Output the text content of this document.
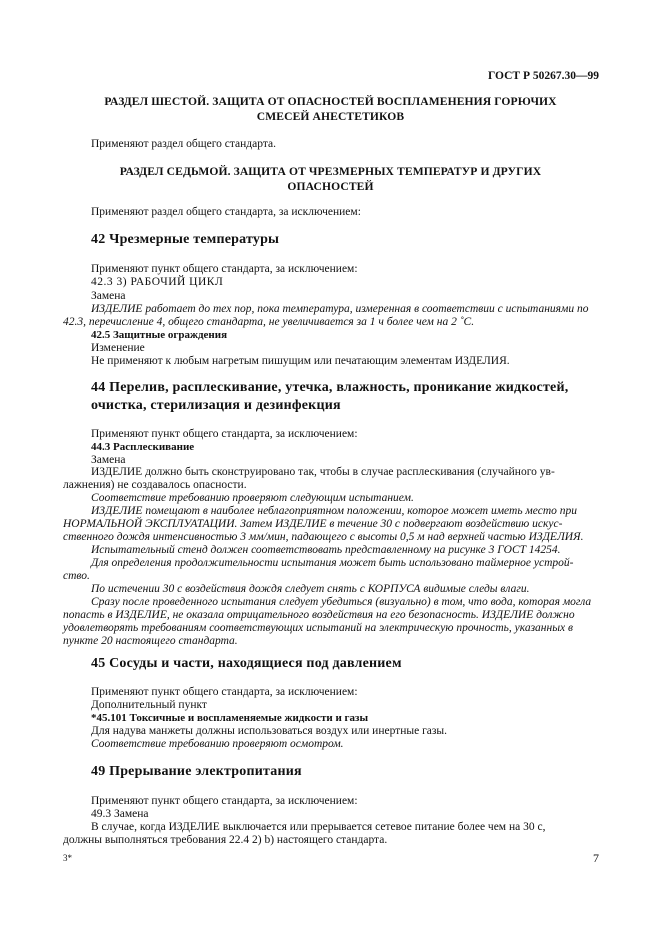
ГОСТ Р 50267.30—99
РАЗДЕЛ ШЕСТОЙ. ЗАЩИТА ОТ ОПАСНОСТЕЙ ВОСПЛАМЕНЕНИЯ ГОРЮЧИХ
СМЕСЕЙ АНЕСТЕТИКОВ
Применяют раздел общего стандарта.
РАЗДЕЛ СЕДЬМОЙ. ЗАЩИТА ОТ ЧРЕЗМЕРНЫХ ТЕМПЕРАТУР И ДРУГИХ
ОПАСНОСТЕЙ
Применяют раздел общего стандарта, за исключением:
42 Чрезмерные температуры
Применяют пункт общего стандарта, за исключением:
42.3 3) РАБОЧИЙ ЦИКЛ
Замена
ИЗДЕЛИЕ работает до тех пор, пока температура, измеренная в соответствии с испытаниями по
42.3, перечисление 4, общего стандарта, не увеличивается за 1 ч более чем на 2 ˚С.
42.5 Защитные ограждения
Изменение
Не применяют к любым нагретым пишущим или печатающим элементам ИЗДЕЛИЯ.
44 Перелив, расплескивание, утечка, влажность, проникание жидкостей,
очистка, стерилизация и дезинфекция
Применяют пункт общего стандарта, за исключением:
44.3 Расплескивание
Замена
ИЗДЕЛИЕ должно быть сконструировано так, чтобы в случае расплескивания (случайного ув-
лажнения) не создавалось опасности.
Соответствие требованию проверяют следующим испытанием.
ИЗДЕЛИЕ помещают в наиболее неблагоприятном положении, которое может иметь место при
НОРМАЛЬНОЙ ЭКСПЛУАТАЦИИ. Затем ИЗДЕЛИЕ в течение 30 с подвергают воздействию искус-
ственного дождя интенсивностью 3 мм/мин, падающего с высоты 0,5 м над верхней частью ИЗДЕЛИЯ.
Испытательный стенд должен соответствовать представленному на рисунке 3 ГОСТ 14254.
Для определения продолжительности испытания может быть использовано таймерное устрой-
ство.
По истечении 30 с воздействия дождя следует снять с КОРПУСА видимые следы влаги.
Сразу после проведенного испытания следует убедиться (визуально) в том, что вода, которая могла
попасть в ИЗДЕЛИЕ, не оказала отрицательного воздействия на его безопасность. ИЗДЕЛИЕ должно
удовлетворять требованиям соответствующих испытаний на электрическую прочность, указанных в
пункте 20 настоящего стандарта.
45 Сосуды и части, находящиеся под давлением
Применяют пункт общего стандарта, за исключением:
Дополнительный пункт
*45.101 Токсичные и воспламеняемые жидкости и газы
Для надува манжеты должны использоваться воздух или инертные газы.
Соответствие требованию проверяют осмотром.
49 Прерывание электропитания
Применяют пункт общего стандарта, за исключением:
49.3 Замена
В случае, когда ИЗДЕЛИЕ выключается или прерывается сетевое питание более чем на 30 с,
должны выполняться требования 22.4 2) b) настоящего стандарта.
3*	7
